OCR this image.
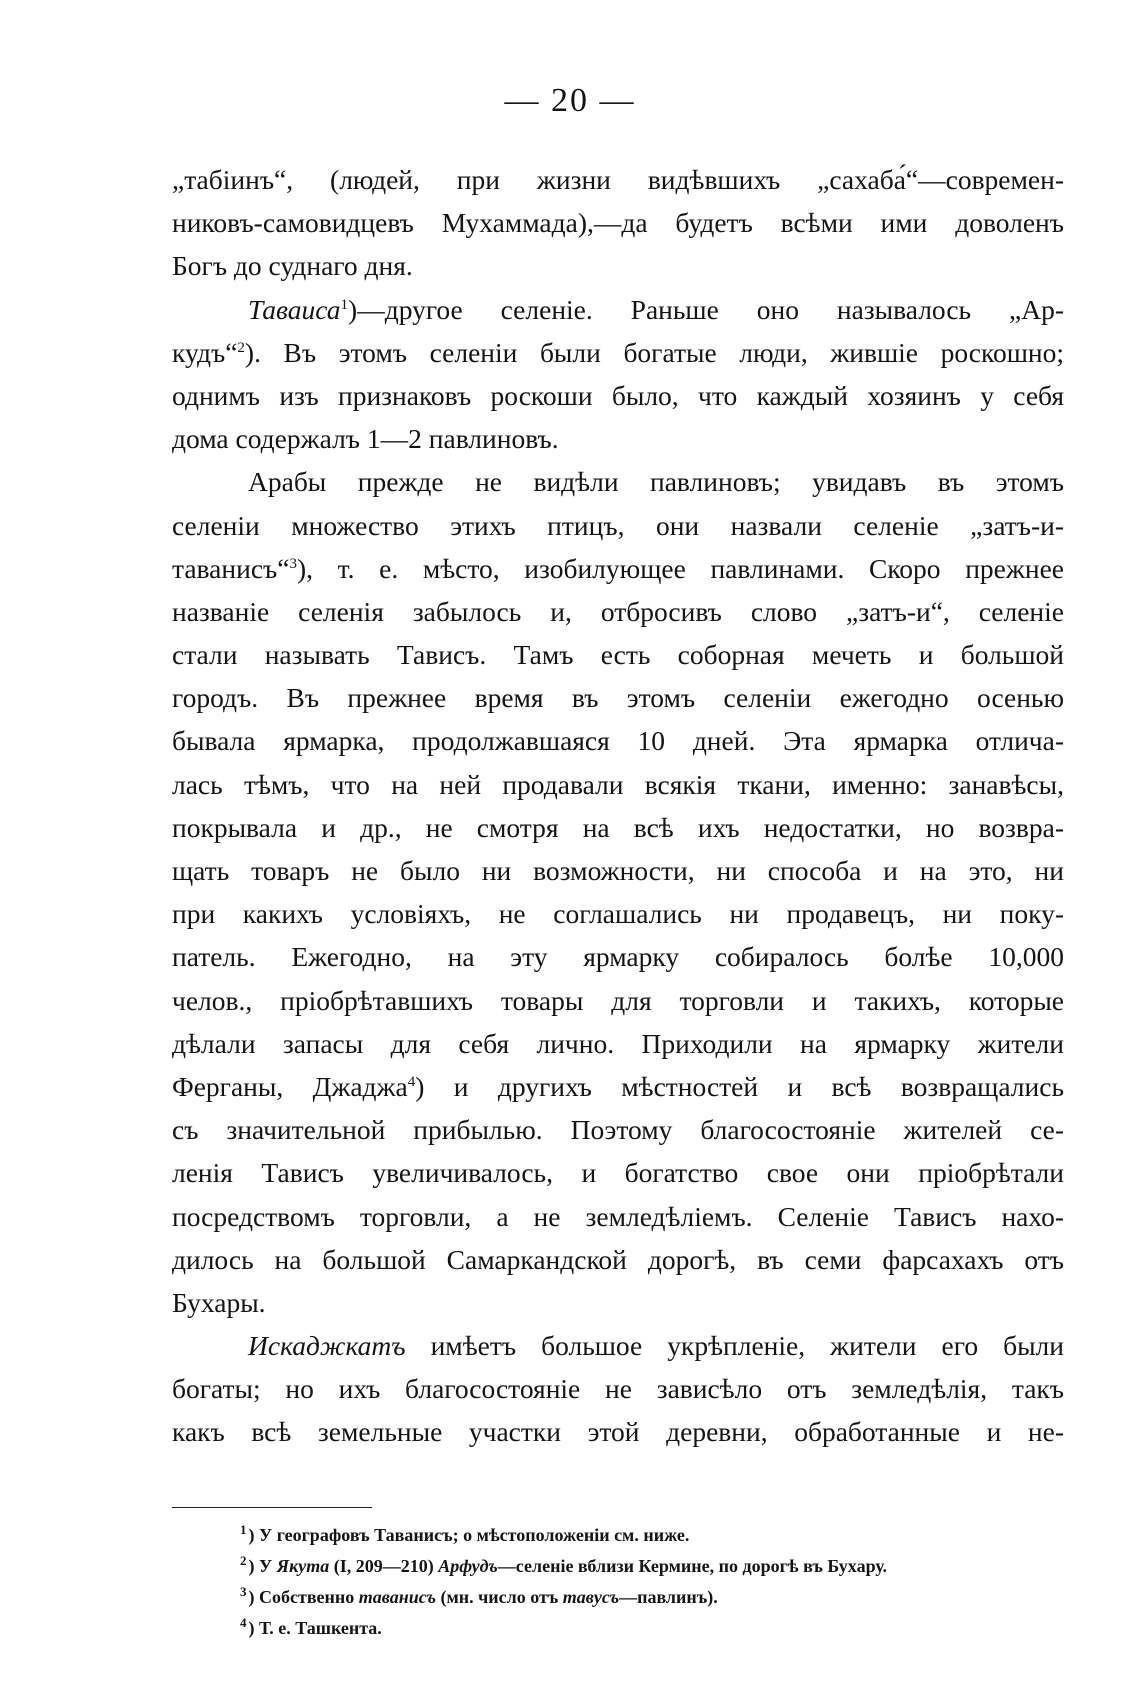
— 20 —
„табіинъ“, (людей, при жизни видѣвшихъ „сахаба́“—современ-
никовъ-самовидцевъ Мухаммада),—да будетъ всѣми ими доволенъ
Богъ до суднаго дня.
Таваиса$^1$)—другое селеніе. Раньше оно называлось „Ар-
кудъ“$^2$). Въ этомъ селеніи были богатые люди, жившіе роскошно;
однимъ изъ признаковъ роскоши было, что каждый хозяинъ у себя
дома содержалъ 1—2 павлиновъ.
Арабы прежде не видѣли павлиновъ; увидавъ въ этомъ
селеніи множество этихъ птицъ, они назвали селеніе „затъ-и-
таванисъ“$^3$), т. е. мѣсто, изобилующее павлинами. Скоро прежнее
названіе селенія забылось и, отбросивъ слово „затъ-и“, селеніе
стали называть Тависъ. Тамъ есть соборная мечеть и большой
городъ. Въ прежнее время въ этомъ селеніи ежегодно осенью
бывала ярмарка, продолжавшаяся 10 дней. Эта ярмарка отлича-
лась тѣмъ, что на ней продавали всякія ткани, именно: занавѣсы,
покрывала и др., не смотря на всѣ ихъ недостатки, но возвра-
щать товаръ не было ни возможности, ни способа и на это, ни
при какихъ условіяхъ, не соглашались ни продавецъ, ни поку-
патель. Ежегодно, на эту ярмарку собиралось болѣе 10,000
челов., пріобрѣтавшихъ товары для торговли и такихъ, которые
дѣлали запасы для себя лично. Приходили на ярмарку жители
Ферганы, Джаджа$^4$) и другихъ мѣстностей и всѣ возвращались
съ значительной прибылью. Поэтому благосостояніе жителей се-
ленія Тависъ увеличивалось, и богатство свое они пріобрѣтали
посредствомъ торговли, а не земледѣліемъ. Селеніе Тависъ нахо-
дилось на большой Самаркандской дорогѣ, въ семи фарсахахъ отъ
Бухары.
Искаджкатъ имѣетъ большое укрѣпленіе, жители его были
богаты; но ихъ благосостояніе не зависѣло отъ земледѣлія, такъ
какъ всѣ земельные участки этой деревни, обработанные и не-
$^1$ ) У географовъ Таванисъ; о мѣстоположеніи см. ниже.
$^2$ ) У Якута (I, 209—210) Арфудъ—селеніе вблизи Кермине, по дорогѣ въ Бухару.
$^3$ ) Собственно таванисъ (мн. число отъ тавусъ—павлинъ).
$^4$ ) Т. е. Ташкента.
